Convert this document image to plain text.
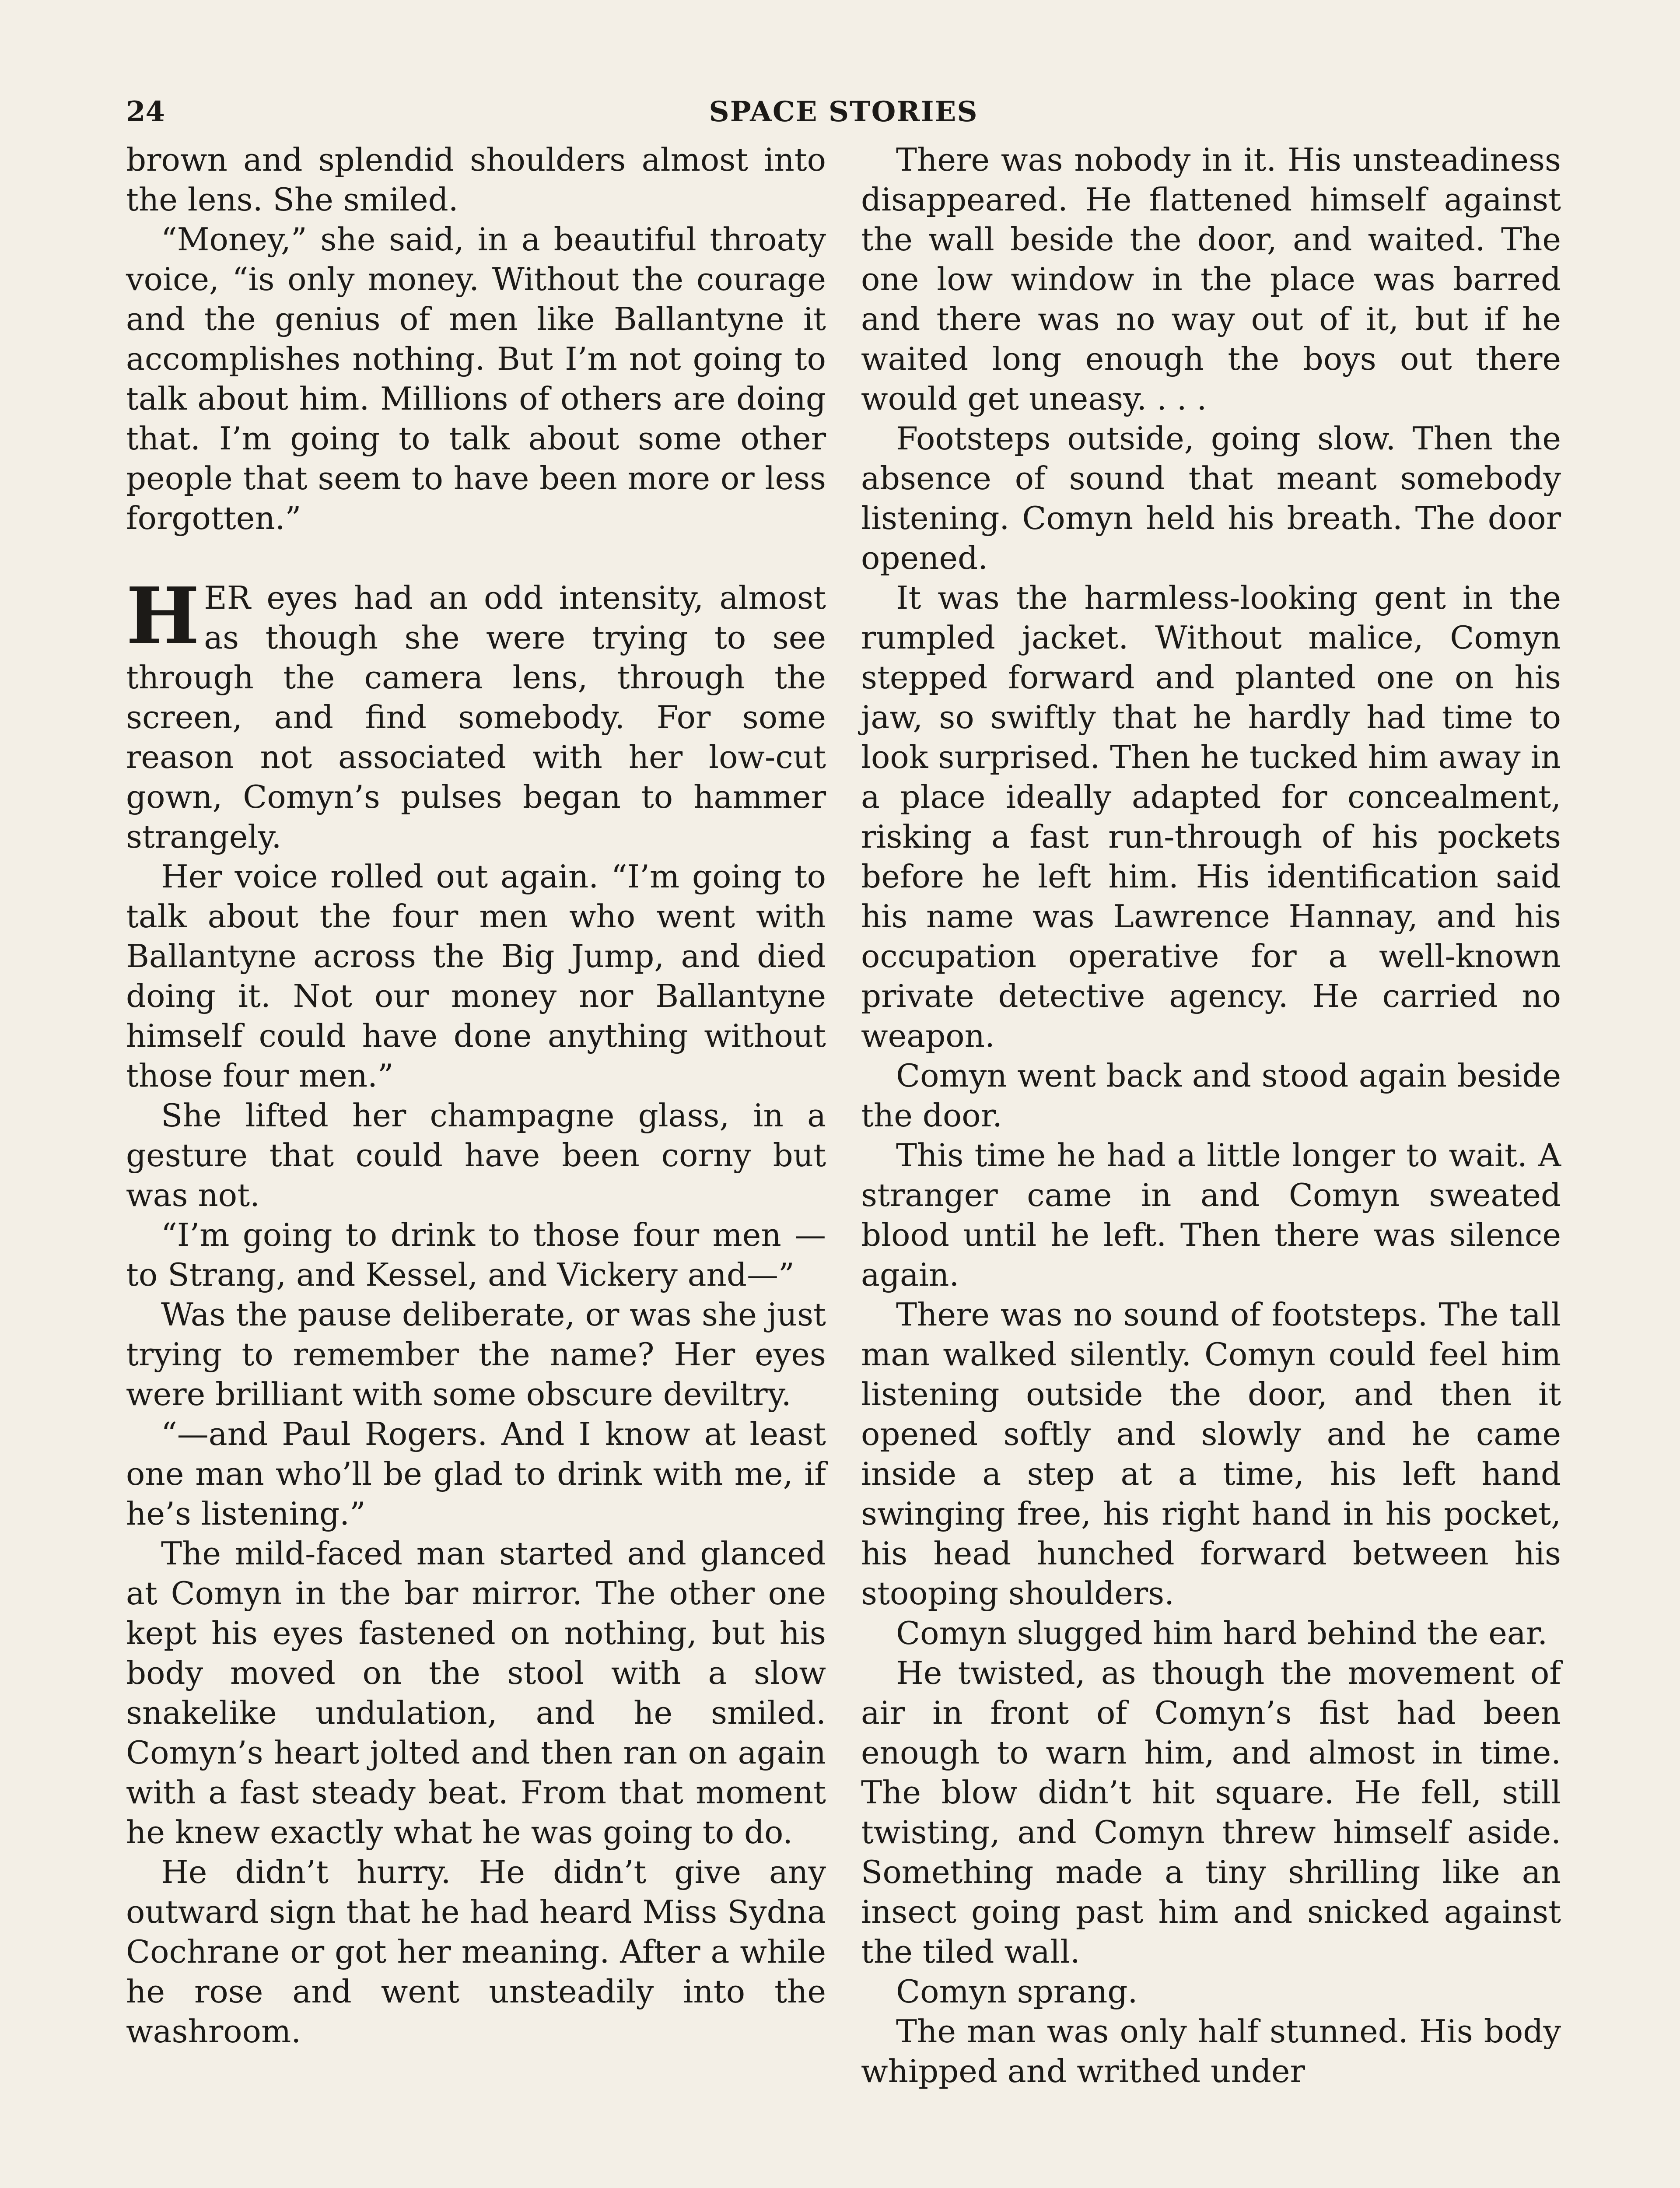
24	SPACE STORIES

brown and splendid shoulders almost into the lens. She smiled.

“Money,” she said, in a beautiful throaty voice, “is only money. Without the courage and the genius of men like Ballantyne it accomplishes nothing. But I’m not going to talk about him. Millions of others are doing that. I’m going to talk about some other people that seem to have been more or less forgotten.”

HER eyes had an odd intensity, almost as though she were trying to see through the camera lens, through the screen, and find somebody. For some reason not associated with her low-cut gown, Comyn’s pulses began to hammer strangely.

Her voice rolled out again. “I’m going to talk about the four men who went with Ballantyne across the Big Jump, and died doing it. Not our money nor Ballantyne himself could have done anything without those four men.”

She lifted her champagne glass, in a gesture that could have been corny but was not.

“I’m going to drink to those four men —to Strang, and Kessel, and Vickery and—”

Was the pause deliberate, or was she just trying to remember the name? Her eyes were brilliant with some obscure deviltry.

“—and Paul Rogers. And I know at least one man who’ll be glad to drink with me, if he’s listening.”

The mild-faced man started and glanced at Comyn in the bar mirror. The other one kept his eyes fastened on nothing, but his body moved on the stool with a slow snakelike undulation, and he smiled. Comyn’s heart jolted and then ran on again with a fast steady beat. From that moment he knew exactly what he was going to do.

He didn’t hurry. He didn’t give any outward sign that he had heard Miss Sydna Cochrane or got her meaning. After a while he rose and went unsteadily into the washroom.

There was nobody in it. His unsteadiness disappeared. He flattened himself against the wall beside the door, and waited. The one low window in the place was barred and there was no way out of it, but if he waited long enough the boys out there would get uneasy. . . .

Footsteps outside, going slow. Then the absence of sound that meant somebody listening. Comyn held his breath. The door opened.

It was the harmless-looking gent in the rumpled jacket. Without malice, Comyn stepped forward and planted one on his jaw, so swiftly that he hardly had time to look surprised. Then he tucked him away in a place ideally adapted for concealment, risking a fast run-through of his pockets before he left him. His identification said his name was Lawrence Hannay, and his occupation operative for a well-known private detective agency. He carried no weapon.

Comyn went back and stood again beside the door.

This time he had a little longer to wait. A stranger came in and Comyn sweated blood until he left. Then there was silence again.

There was no sound of footsteps. The tall man walked silently. Comyn could feel him listening outside the door, and then it opened softly and slowly and he came inside a step at a time, his left hand swinging free, his right hand in his pocket, his head hunched forward between his stooping shoulders.

Comyn slugged him hard behind the ear.

He twisted, as though the movement of air in front of Comyn’s fist had been enough to warn him, and almost in time. The blow didn’t hit square. He fell, still twisting, and Comyn threw himself aside. Something made a tiny shrilling like an insect going past him and snicked against the tiled wall.

Comyn sprang.

The man was only half stunned. His body whipped and writhed under
